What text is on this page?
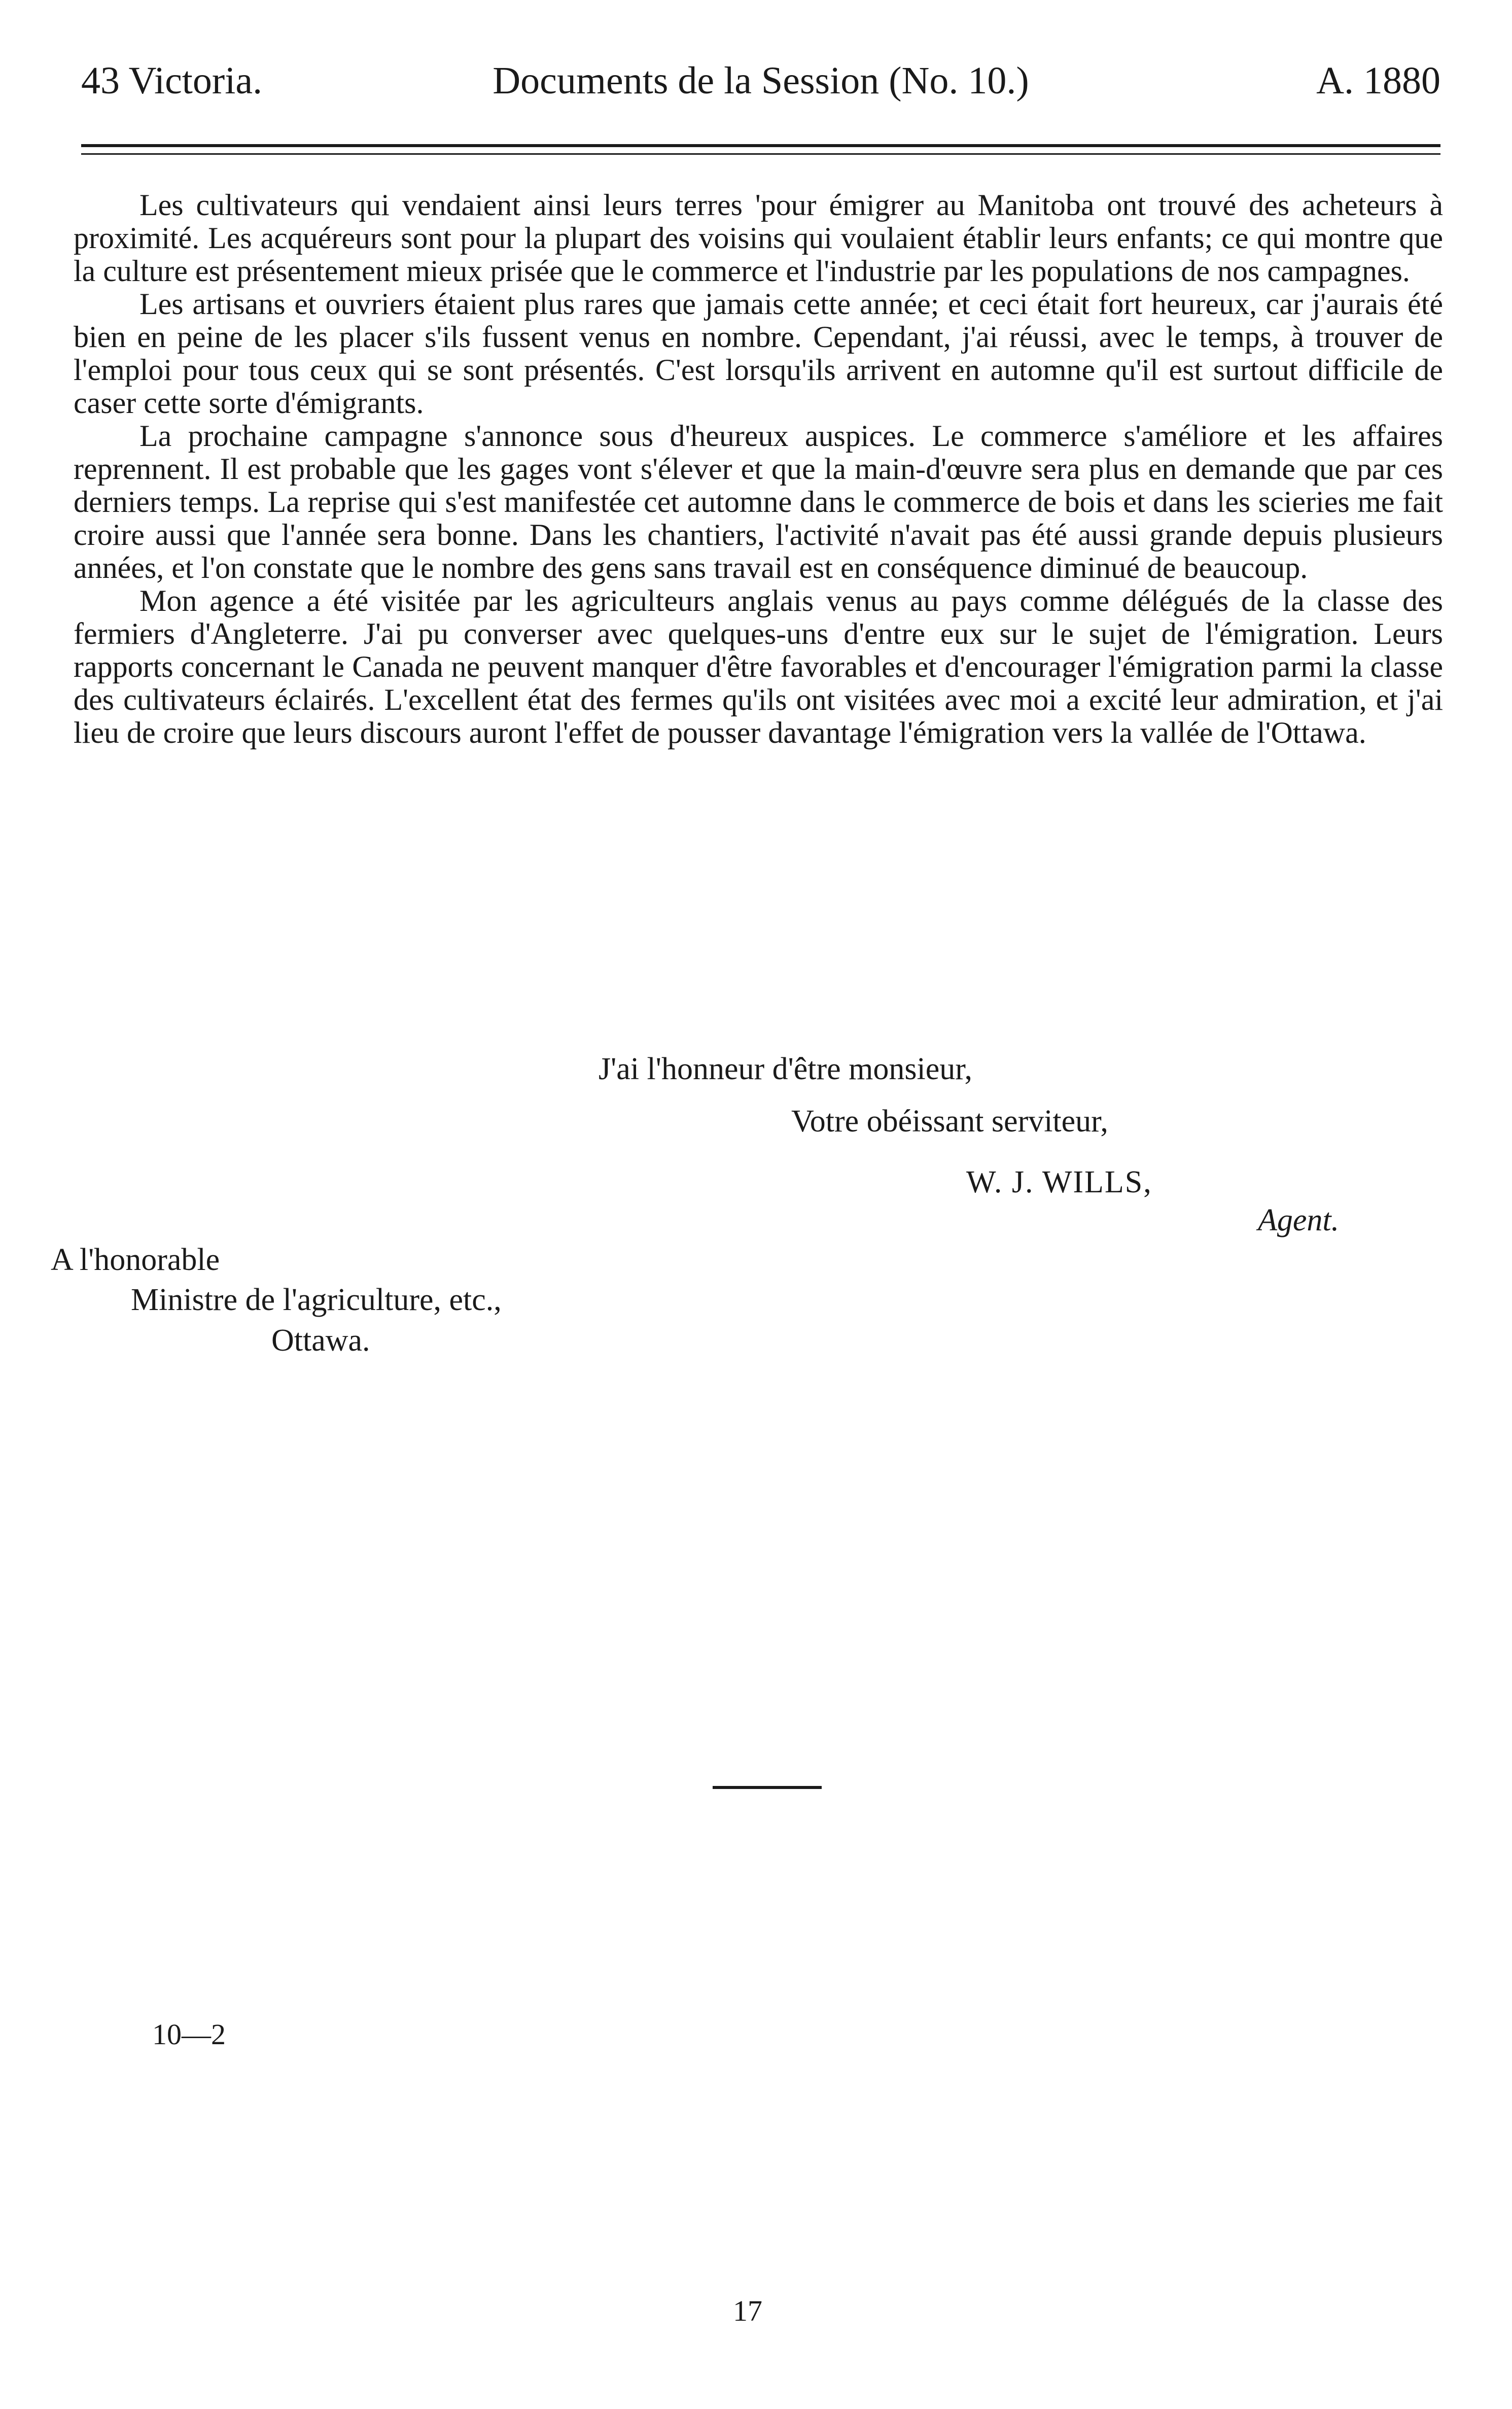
43 Victoria.	Documents de la Session (No. 10.)	A. 1880

Les cultivateurs qui vendaient ainsi leurs terres 'pour émigrer au Manitoba ont trouvé des acheteurs à proximité. Les acquéreurs sont pour la plupart des voisins qui voulaient établir leurs enfants; ce qui montre que la culture est présentement mieux prisée que le commerce et l'industrie par les populations de nos campagnes.

Les artisans et ouvriers étaient plus rares que jamais cette année; et ceci était fort heureux, car j'aurais été bien en peine de les placer s'ils fussent venus en nombre. Cependant, j'ai réussi, avec le temps, à trouver de l'emploi pour tous ceux qui se sont présentés. C'est lorsqu'ils arrivent en automne qu'il est surtout difficile de caser cette sorte d'émigrants.

La prochaine campagne s'annonce sous d'heureux auspices. Le commerce s'améliore et les affaires reprennent. Il est probable que les gages vont s'élever et que la main-d'œuvre sera plus en demande que par ces derniers temps. La reprise qui s'est manifestée cet automne dans le commerce de bois et dans les scieries me fait croire aussi que l'année sera bonne. Dans les chantiers, l'activité n'avait pas été aussi grande depuis plusieurs années, et l'on constate que le nombre des gens sans travail est en conséquence diminué de beaucoup.

Mon agence a été visitée par les agriculteurs anglais venus au pays comme délégués de la classe des fermiers d'Angleterre. J'ai pu converser avec quelques-uns d'entre eux sur le sujet de l'émigration. Leurs rapports concernant le Canada ne peuvent manquer d'être favorables et d'encourager l'émigration parmi la classe des cultivateurs éclairés. L'excellent état des fermes qu'ils ont visitées avec moi a excité leur admiration, et j'ai lieu de croire que leurs discours auront l'effet de pousser davantage l'émigration vers la vallée de l'Ottawa.

J'ai l'honneur d'être monsieur,
Votre obéissant serviteur,
W. J. WILLS,
Agent.
A l'honorable
Ministre de l'agriculture, etc.,
Ottawa.
10—2
17
